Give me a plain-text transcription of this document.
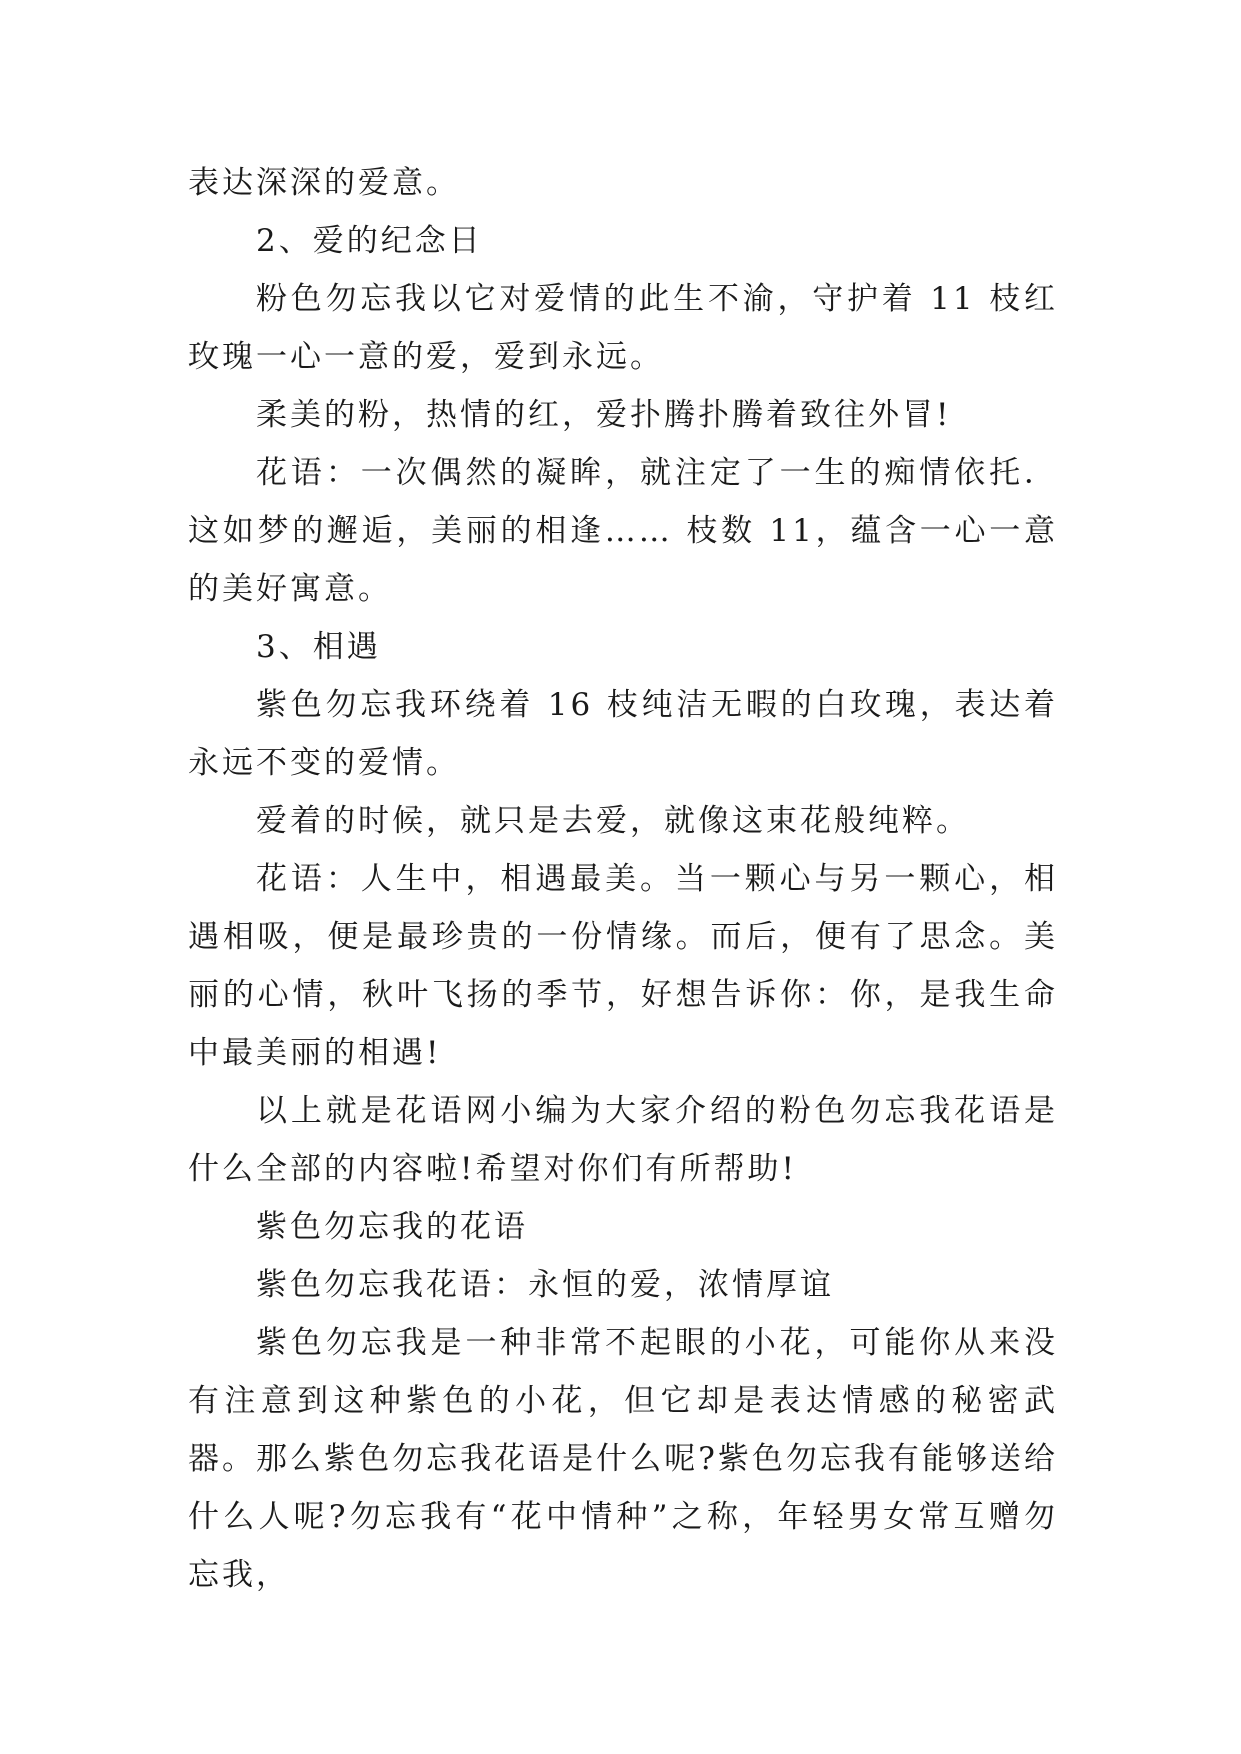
表达深深的爱意。

2、爱的纪念日

粉色勿忘我以它对爱情的此生不渝，守护着 11 枝红玫瑰一心一意的爱，爱到永远。

柔美的粉，热情的红，爱扑腾扑腾着致往外冒!

花语：一次偶然的凝眸，就注定了一生的痴情依托．这如梦的邂逅，美丽的相逢…… 枝数 11，蕴含一心一意的美好寓意。

3、相遇

紫色勿忘我环绕着 16 枝纯洁无暇的白玫瑰，表达着永远不变的爱情。

爱着的时候，就只是去爱，就像这束花般纯粹。

花语：人生中，相遇最美。当一颗心与另一颗心，相遇相吸，便是最珍贵的一份情缘。而后，便有了思念。美丽的心情，秋叶飞扬的季节，好想告诉你：你，是我生命中最美丽的相遇!

以上就是花语网小编为大家介绍的粉色勿忘我花语是什么全部的内容啦!希望对你们有所帮助!

紫色勿忘我的花语

紫色勿忘我花语：永恒的爱，浓情厚谊

紫色勿忘我是一种非常不起眼的小花，可能你从来没有注意到这种紫色的小花，但它却是表达情感的秘密武器。那么紫色勿忘我花语是什么呢?紫色勿忘我有能够送给什么人呢?勿忘我有“花中情种”之称，年轻男女常互赠勿忘我，
